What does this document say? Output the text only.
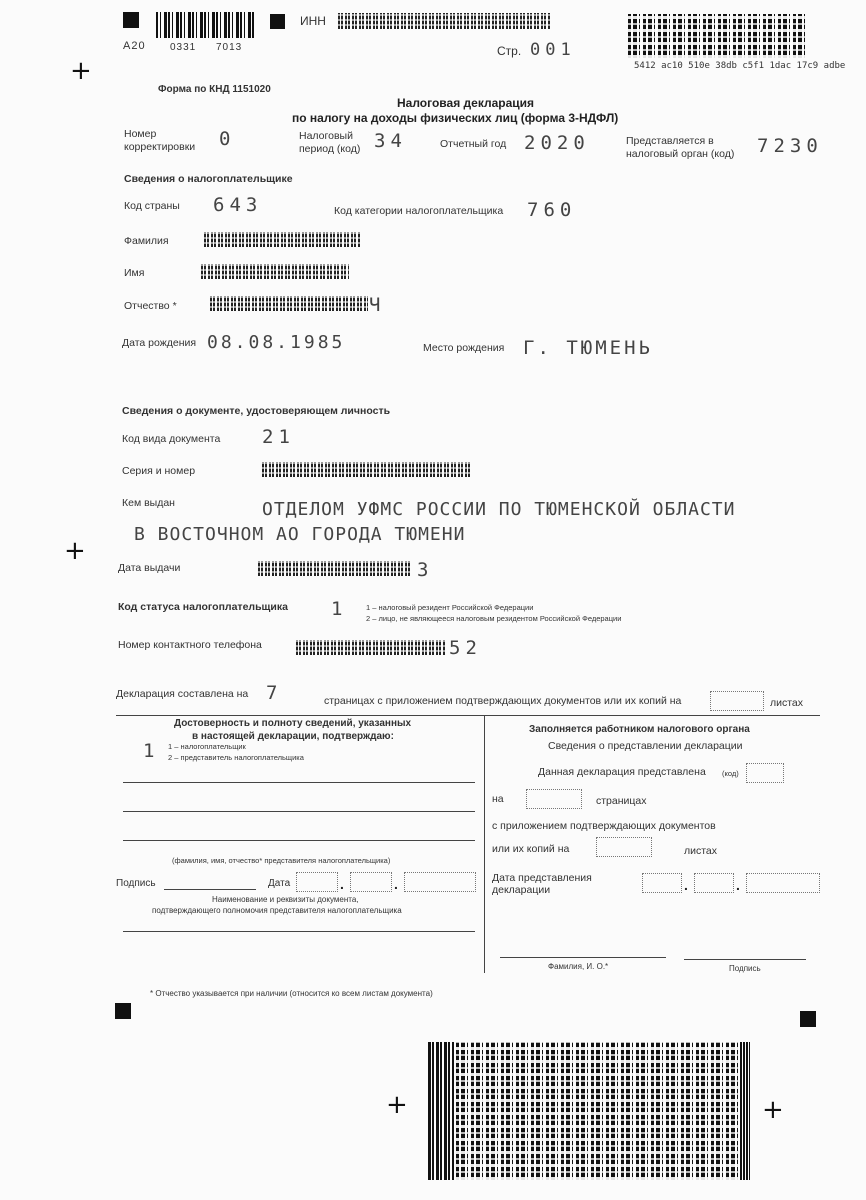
+
+
+	+
A20 0331 7013
ИНН
Стр. 001
5412 ac10 510e 38db c5f1 1dac 17c9 adbe
Форма по КНД 1151020
Налоговая декларация
по налогу на доходы физических лиц (форма 3-НДФЛ)
Номер корректировки	0	Налоговый период (код) 34	Отчетный год 2020	Представляется в налоговый орган (код)	7230
Сведения о налогоплательщике
Код страны 643	Код категории налогоплательщика 760
Фамилия
Имя
Отчество *	Ч
Дата рождения 08.08.1985	Место рождения Г. ТЮМЕНЬ
Сведения о документе, удостоверяющем личность
Код вида документа 21
Серия и номер
Кем выдан	ОТДЕЛОМ УФМС РОССИИ ПО ТЮМЕНСКОЙ ОБЛАСТИ
В ВОСТОЧНОМ АО ГОРОДА ТЮМЕНИ
Дата выдачи	3
Код статуса налогоплательщика 1 1 – налоговый резидент Российской Федерации
2 – лицо, не являющееся налоговым резидентом Российской Федерации
Номер контактного телефона	52
Декларация составлена на 7	страницах с приложением подтверждающих документов или их копий на	листах
Достоверность и полноту сведений, указанных
в настоящей декларации, подтверждаю:
1 1 – налогоплательщик
2 – представитель налогоплательщика
(фамилия, имя, отчество* представителя налогоплательщика)
Подпись	Дата	.	.
Наименование и реквизиты документа,
подтверждающего полномочия представителя налогоплательщика
Заполняется работником налогового органа
Сведения о представлении декларации
Данная декларация представлена (код)
на	страницах
с приложением подтверждающих документов
или их копий на	листах
Дата представления
декларации	.	.
Фамилия, И. О.*	Подпись
* Отчество указывается при наличии (относится ко всем листам документа)
